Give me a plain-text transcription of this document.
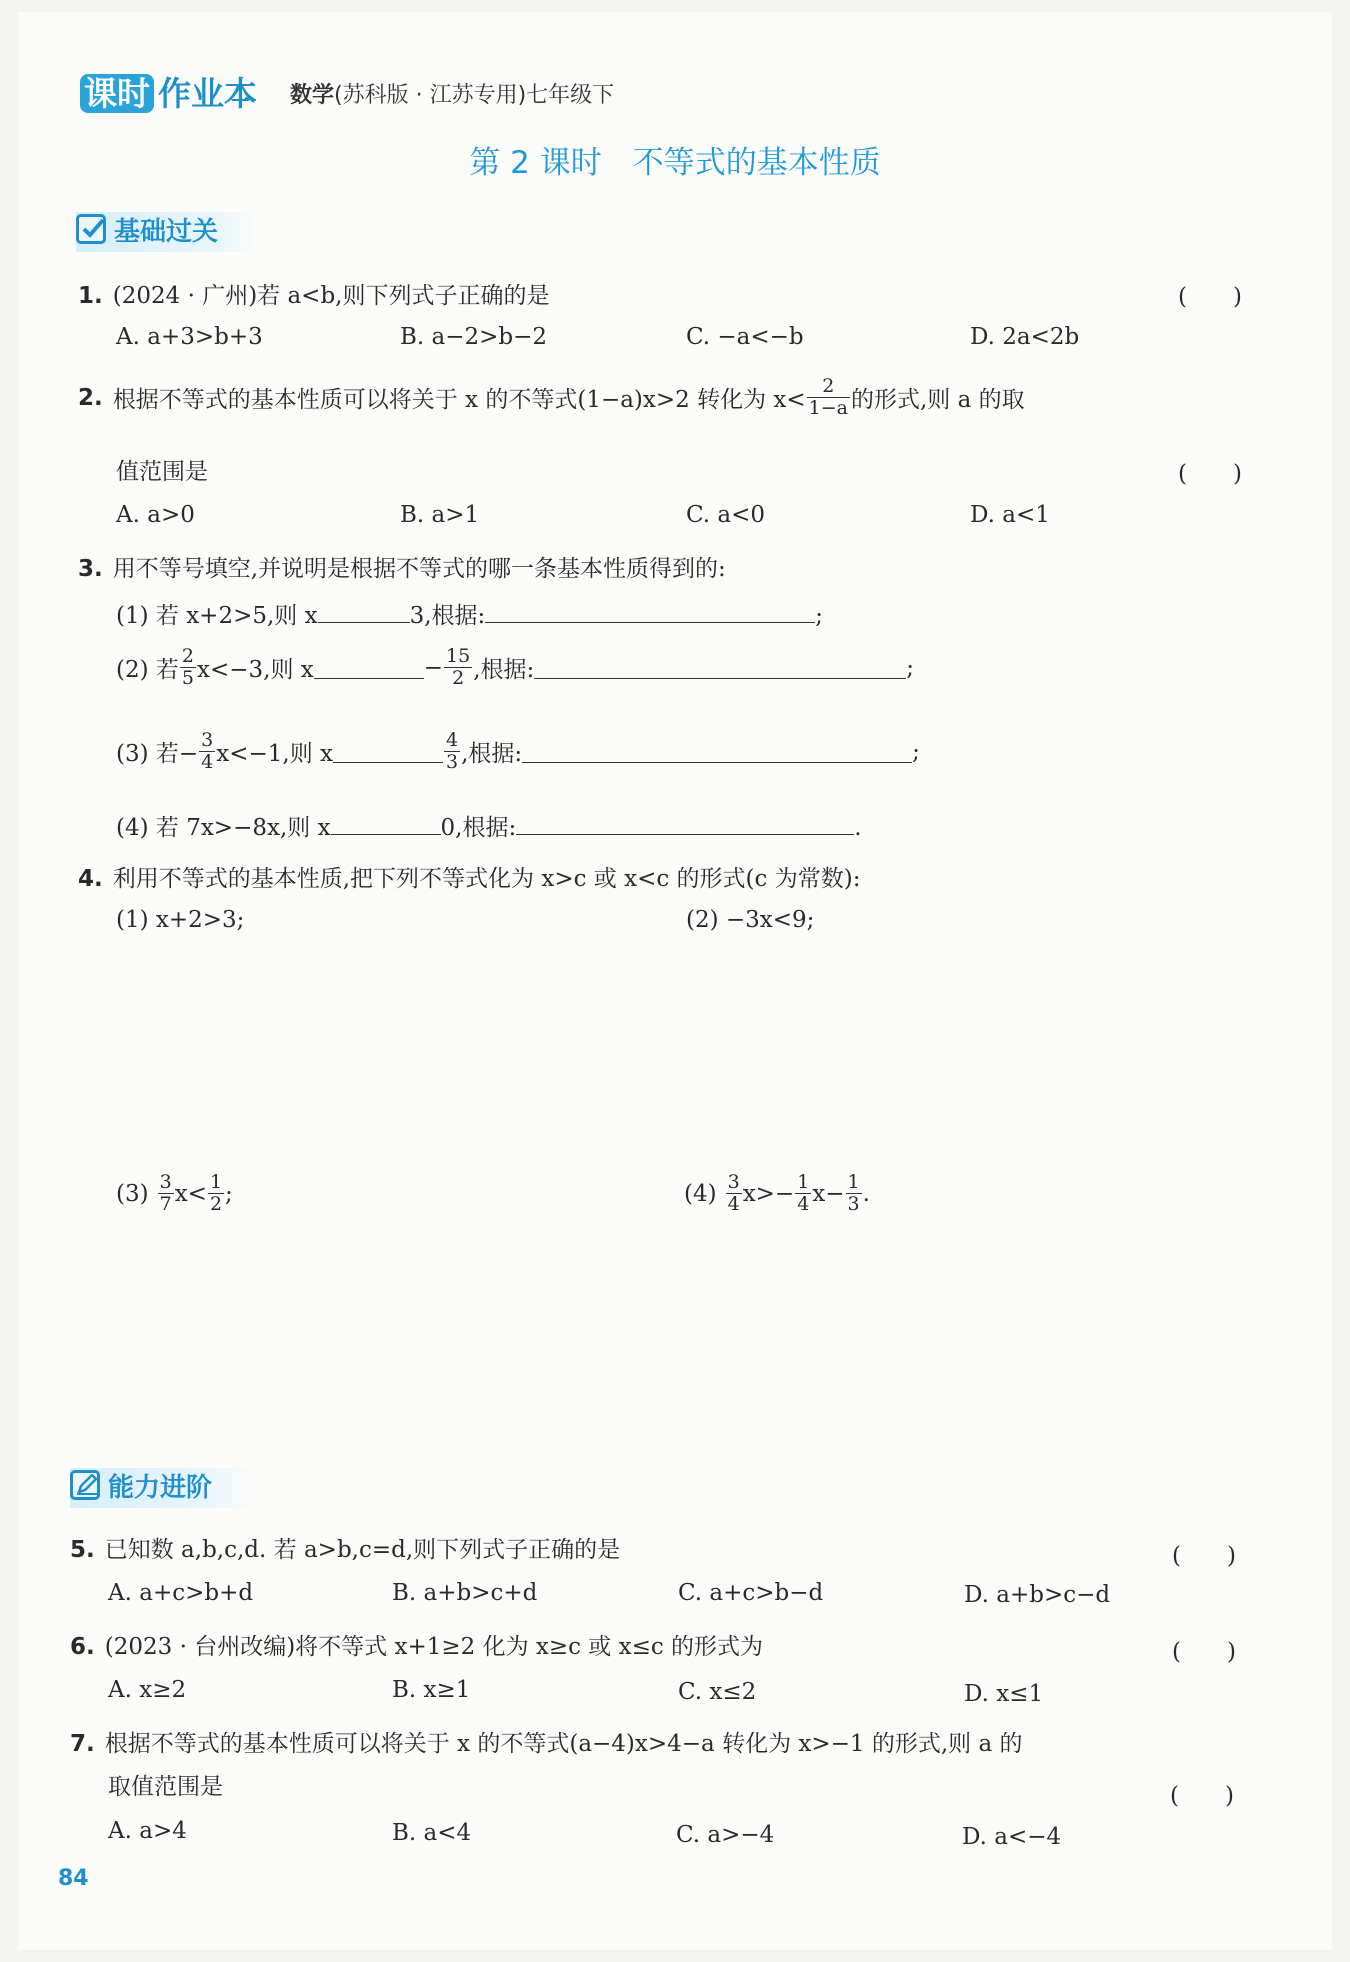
课时 作业本 数学(苏科版 · 江苏专用)七年级下
第 2 课时　不等式的基本性质
基础过关
1. (2024 · 广州)若 a<b,则下列式子正确的是	(　　)
A. a+3>b+3	B. a−2>b−2	C. −a<−b	D. 2a<2b
2. 根据不等式的基本性质可以将关于 x 的不等式(1−a)x>2 转化为 $x< \frac{2}{1-a}$ 的形式,则 a 的取
值范围是	(　　)
A. a>0	B. a>1	C. a<0	D. a<1
3. 用不等号填空,并说明是根据不等式的哪一条基本性质得到的:
(1) 若 x+2>5,则 x	3,根据:	;
(2) 若 $\frac{2}{5} x<-3$,则 x	− $\frac{15}{2}$ ,根据:	;
(3) 若− $\frac{3}{4} x<-1$,则 x	$\frac{4}{3}$ ,根据:	;
(4) 若 7x>−8x,则 x	0,根据:	.
4. 利用不等式的基本性质,把下列不等式化为 x>c 或 x<c 的形式(c 为常数):
(1) x+2>3;	(2) −3x<9;
$(3) \frac{3}{7} x< \frac{1}{2}$ ;	$(4) \frac{3}{4} x>- \frac{1}{4} x- \frac{1}{3}$ .
能力进阶
5. 已知数 a,b,c,d. 若 a>b,c=d,则下列式子正确的是	(　　)
A. a+c>b+d	B. a+b>c+d	C. a+c>b−d	D. a+b>c−d
6. (2023 · 台州改编)将不等式 x+1≥2 化为 x≥c 或 x≤c 的形式为	(　　)
A. x≥2	B. x≥1	C. x≤2	D. x≤1
7. 根据不等式的基本性质可以将关于 x 的不等式(a−4)x>4−a 转化为 x>−1 的形式,则 a 的
取值范围是	(　　)
A. a>4	B. a<4	C. a>−4	D. a<−4
84
